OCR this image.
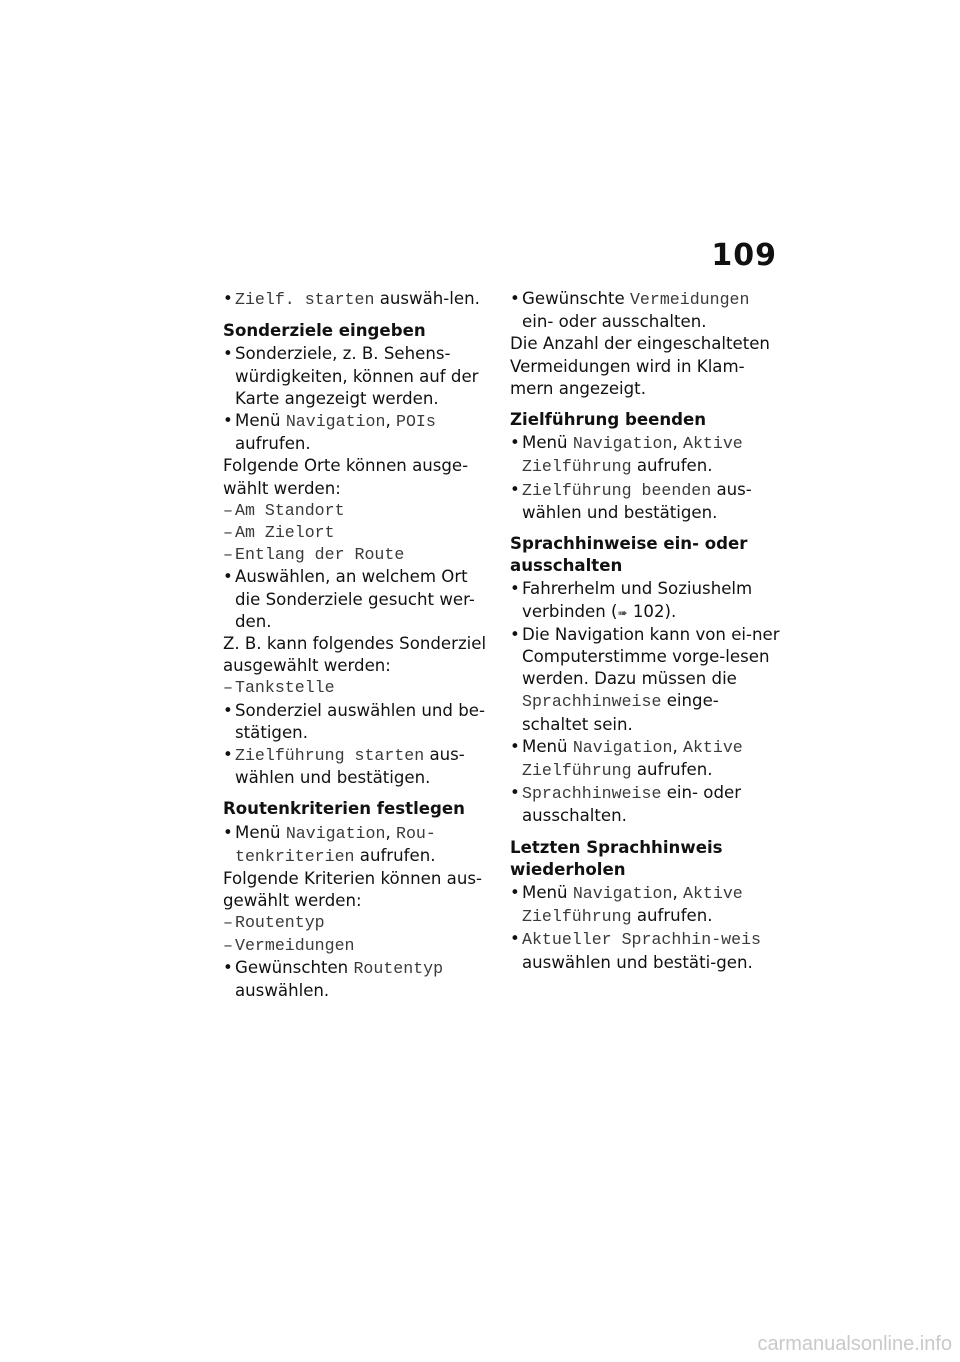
109
• Zielf. starten auswäh-len.
Sonderziele eingeben
• Sonderziele, z. B. Sehens-würdigkeiten, können auf der Karte angezeigt werden.
• Menü Navigation, POIs aufrufen.
Folgende Orte können ausge-wählt werden:
– Am Standort
– Am Zielort
– Entlang der Route
• Auswählen, an welchem Ort die Sonderziele gesucht wer-den.
Z. B. kann folgendes Sonderziel ausgewählt werden:
– Tankstelle
• Sonderziel auswählen und be-stätigen.
• Zielführung starten aus-wählen und bestätigen.
Routenkriterien festlegen
• Menü Navigation, Rou-tenkriterien aufrufen.
Folgende Kriterien können aus-gewählt werden:
– Routentyp
– Vermeidungen
• Gewünschten Routentyp auswählen.
• Gewünschte Vermeidungen ein- oder ausschalten.
Die Anzahl der eingeschalteten Vermeidungen wird in Klam-mern angezeigt.
Zielführung beenden
• Menü Navigation, Aktive Zielführung aufrufen.
• Zielführung beenden aus-wählen und bestätigen.
Sprachhinweise ein- oder ausschalten
• Fahrerhelm und Soziushelm verbinden (➠ 102).
• Die Navigation kann von ei-ner Computerstimme vorge-lesen werden. Dazu müssen die Sprachhinweise einge-schaltet sein.
• Menü Navigation, Aktive Zielführung aufrufen.
• Sprachhinweise ein- oder ausschalten.
Letzten Sprachhinweis wiederholen
• Menü Navigation, Aktive Zielführung aufrufen.
• Aktueller Sprachhin-weis auswählen und bestäti-gen.
carmanualsonline.info
